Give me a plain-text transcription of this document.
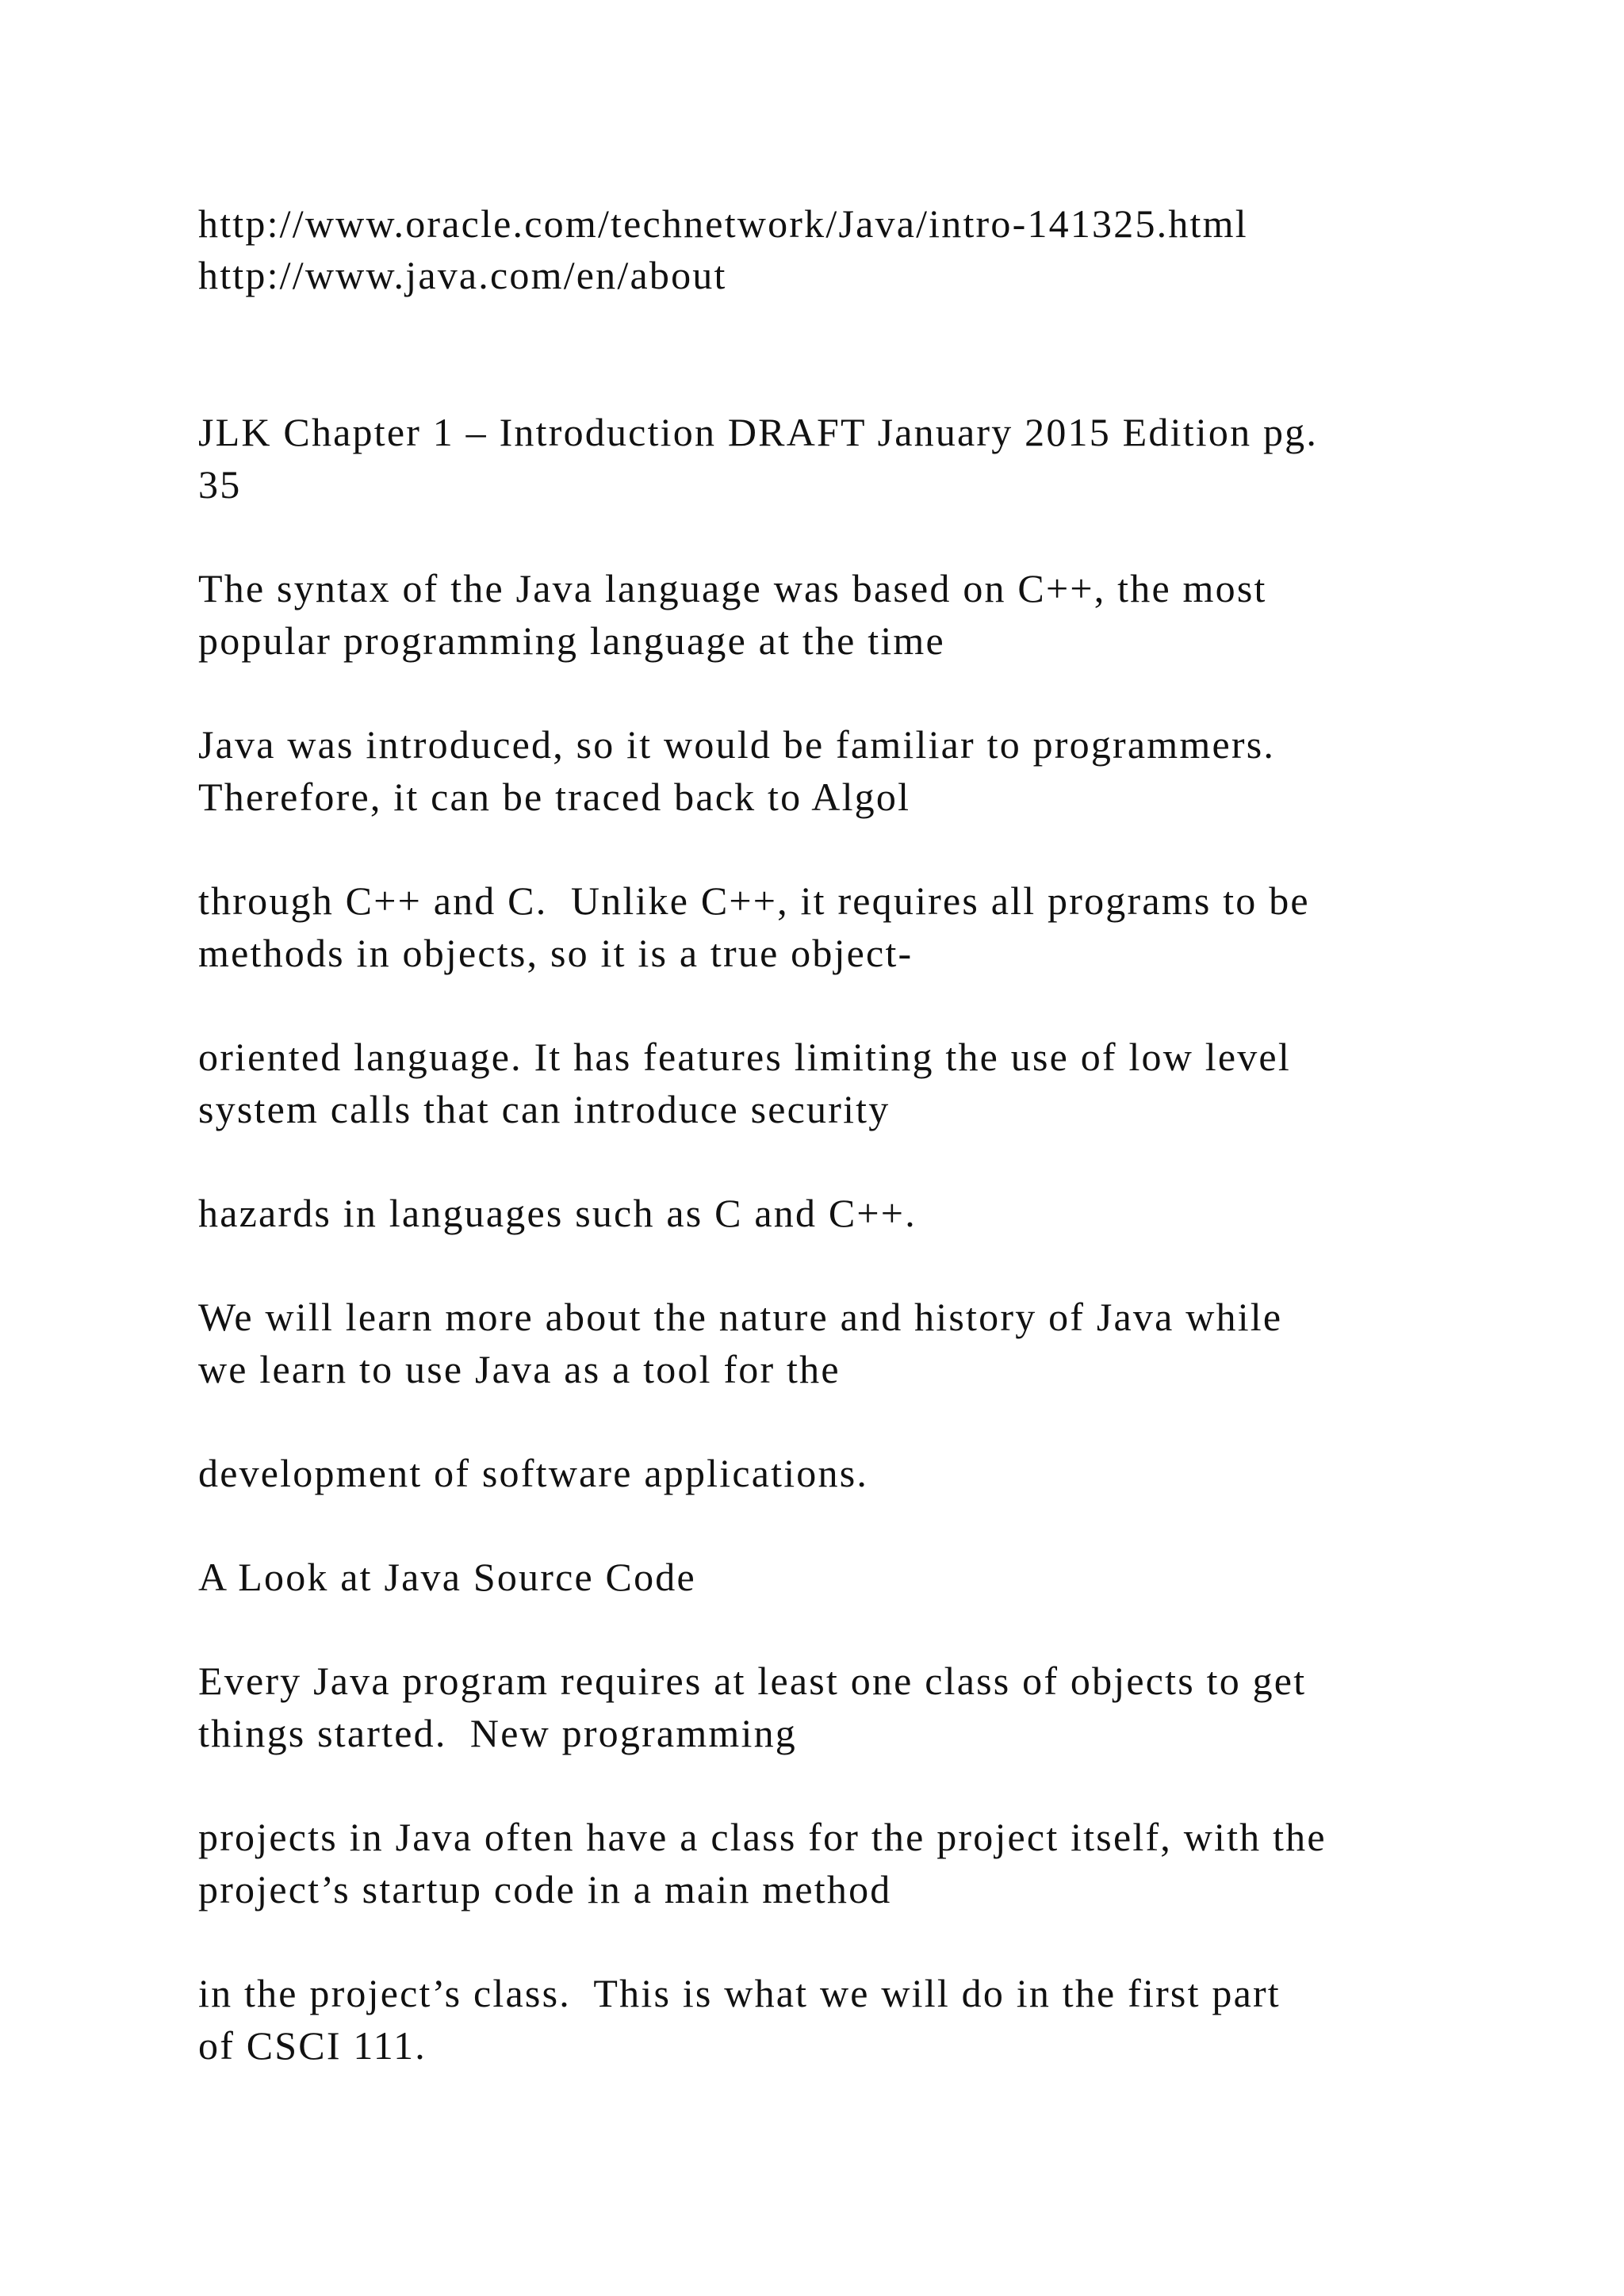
http://www.oracle.com/technetwork/Java/intro-141325.html
http://www.java.com/en/about
JLK Chapter 1 – Introduction DRAFT January 2015 Edition pg.
35
The syntax of the Java language was based on C++, the most
popular programming language at the time
Java was introduced, so it would be familiar to programmers.
Therefore, it can be traced back to Algol
through C++ and C.  Unlike C++, it requires all programs to be
methods in objects, so it is a true object-
oriented language. It has features limiting the use of low level
system calls that can introduce security
hazards in languages such as C and C++.
We will learn more about the nature and history of Java while
we learn to use Java as a tool for the
development of software applications.
A Look at Java Source Code
Every Java program requires at least one class of objects to get
things started.  New programming
projects in Java often have a class for the project itself, with the
project’s startup code in a main method
in the project’s class.  This is what we will do in the first part
of CSCI 111.
